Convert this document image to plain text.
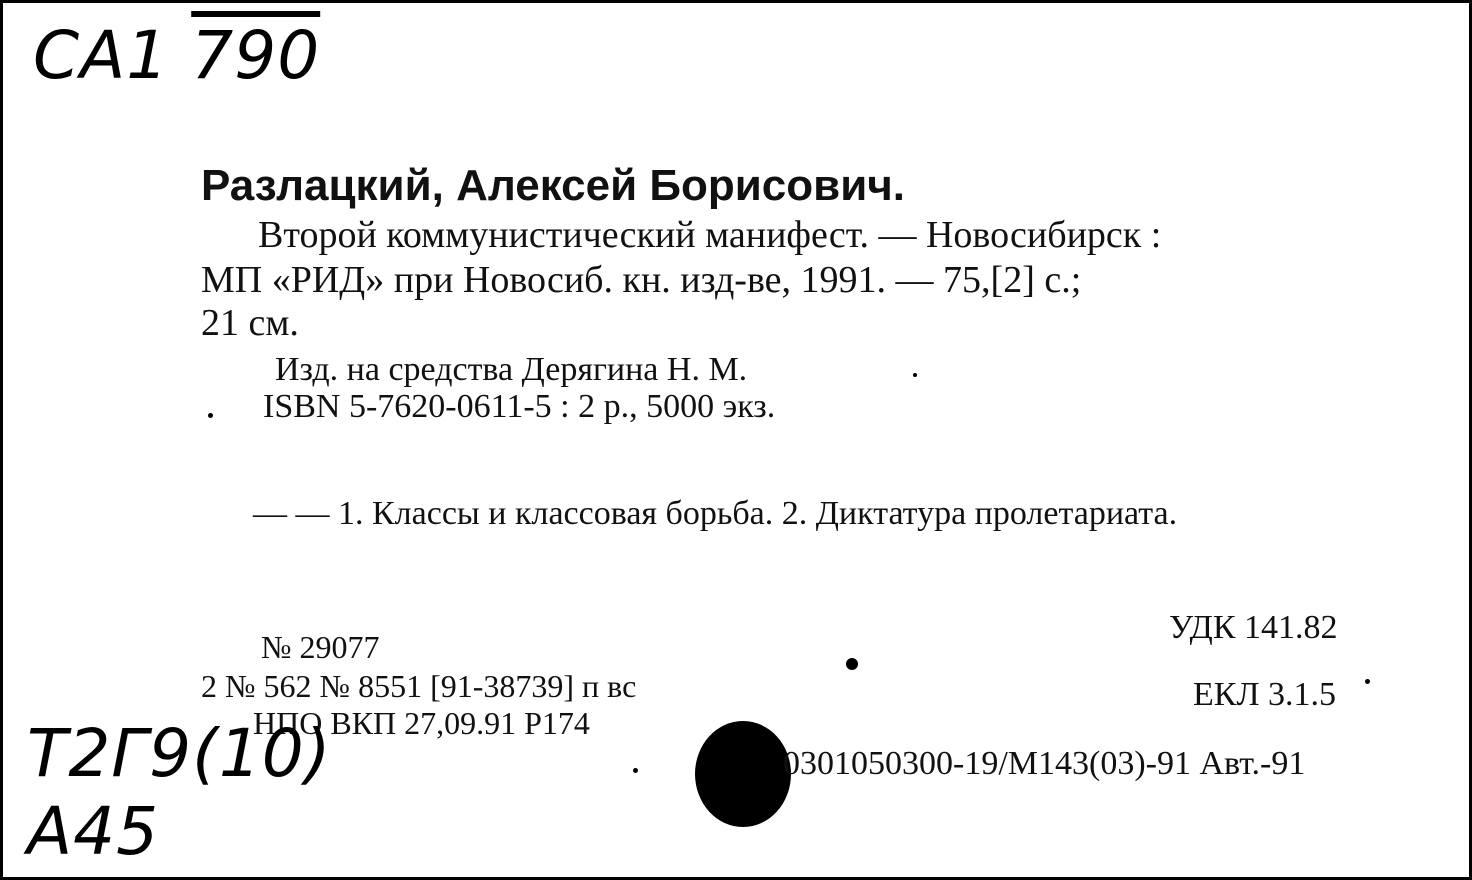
CA1 790
Разлацкий, Алексей Борисович.
Второй коммунистический манифест. — Новосибирск :
МП «РИД» при Новосиб. кн. изд-ве, 1991. — 75,[2] с.;
21 см.
Изд. на средства Дерягина Н. М.
ISBN 5-7620-0611-5 : 2 р., 5000 экз.
— — 1. Классы и классовая борьба. 2. Диктатура пролетариата.
№ 29077
2 № 562 № 8551 [91-38739] п вс
НПО ВКП 27,09.91 Р174
УДК 141.82
ЕКЛ 3.1.5
0301050300-19/М143(03)-91 Авт.-91
T2Г9(10)
A45
